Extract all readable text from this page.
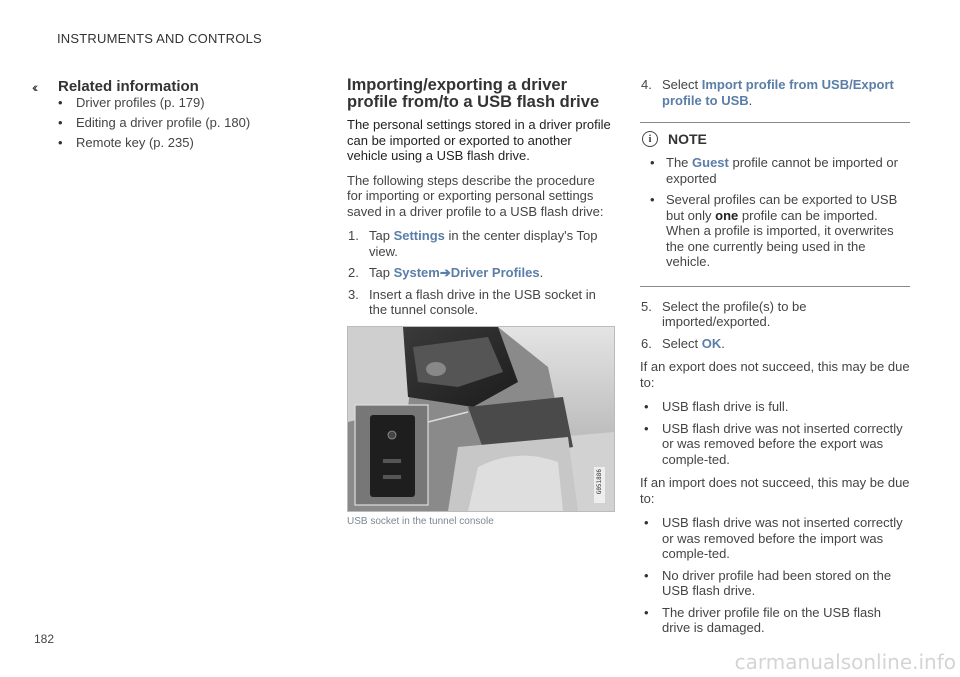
INSTRUMENTS AND CONTROLS
‹‹ Related information
• Driver profiles (p. 179)
• Editing a driver profile (p. 180)
• Remote key (p. 235)
Importing/exporting a driver profile from/to a USB flash drive

The personal settings stored in a driver profile can be imported or exported to another vehicle using a USB flash drive.

The following steps describe the procedure for importing or exporting personal settings saved in a driver profile to a USB flash drive:

1. Tap Settings in the center display's Top view.
2. Tap System➔Driver Profiles.
3. Insert a flash drive in the USB socket in the tunnel console.
G051886
USB socket in the tunnel console
4. Select Import profile from USB/Export profile to USB.
i	NOTE
• The Guest profile cannot be imported or exported
• Several profiles can be exported to USB but only one profile can be imported. When a profile is imported, it overwrites the one currently being used in the vehicle.
5. Select the profile(s) to be imported/exported.
6. Select OK.

If an export does not succeed, this may be due to:

• USB flash drive is full.
• USB flash drive was not inserted correctly or was removed before the export was comple-ted.

If an import does not succeed, this may be due to:

• USB flash drive was not inserted correctly or was removed before the import was comple-ted.
• No driver profile had been stored on the USB flash drive.
• The driver profile file on the USB flash drive is damaged.
182
carmanualsonline.info
